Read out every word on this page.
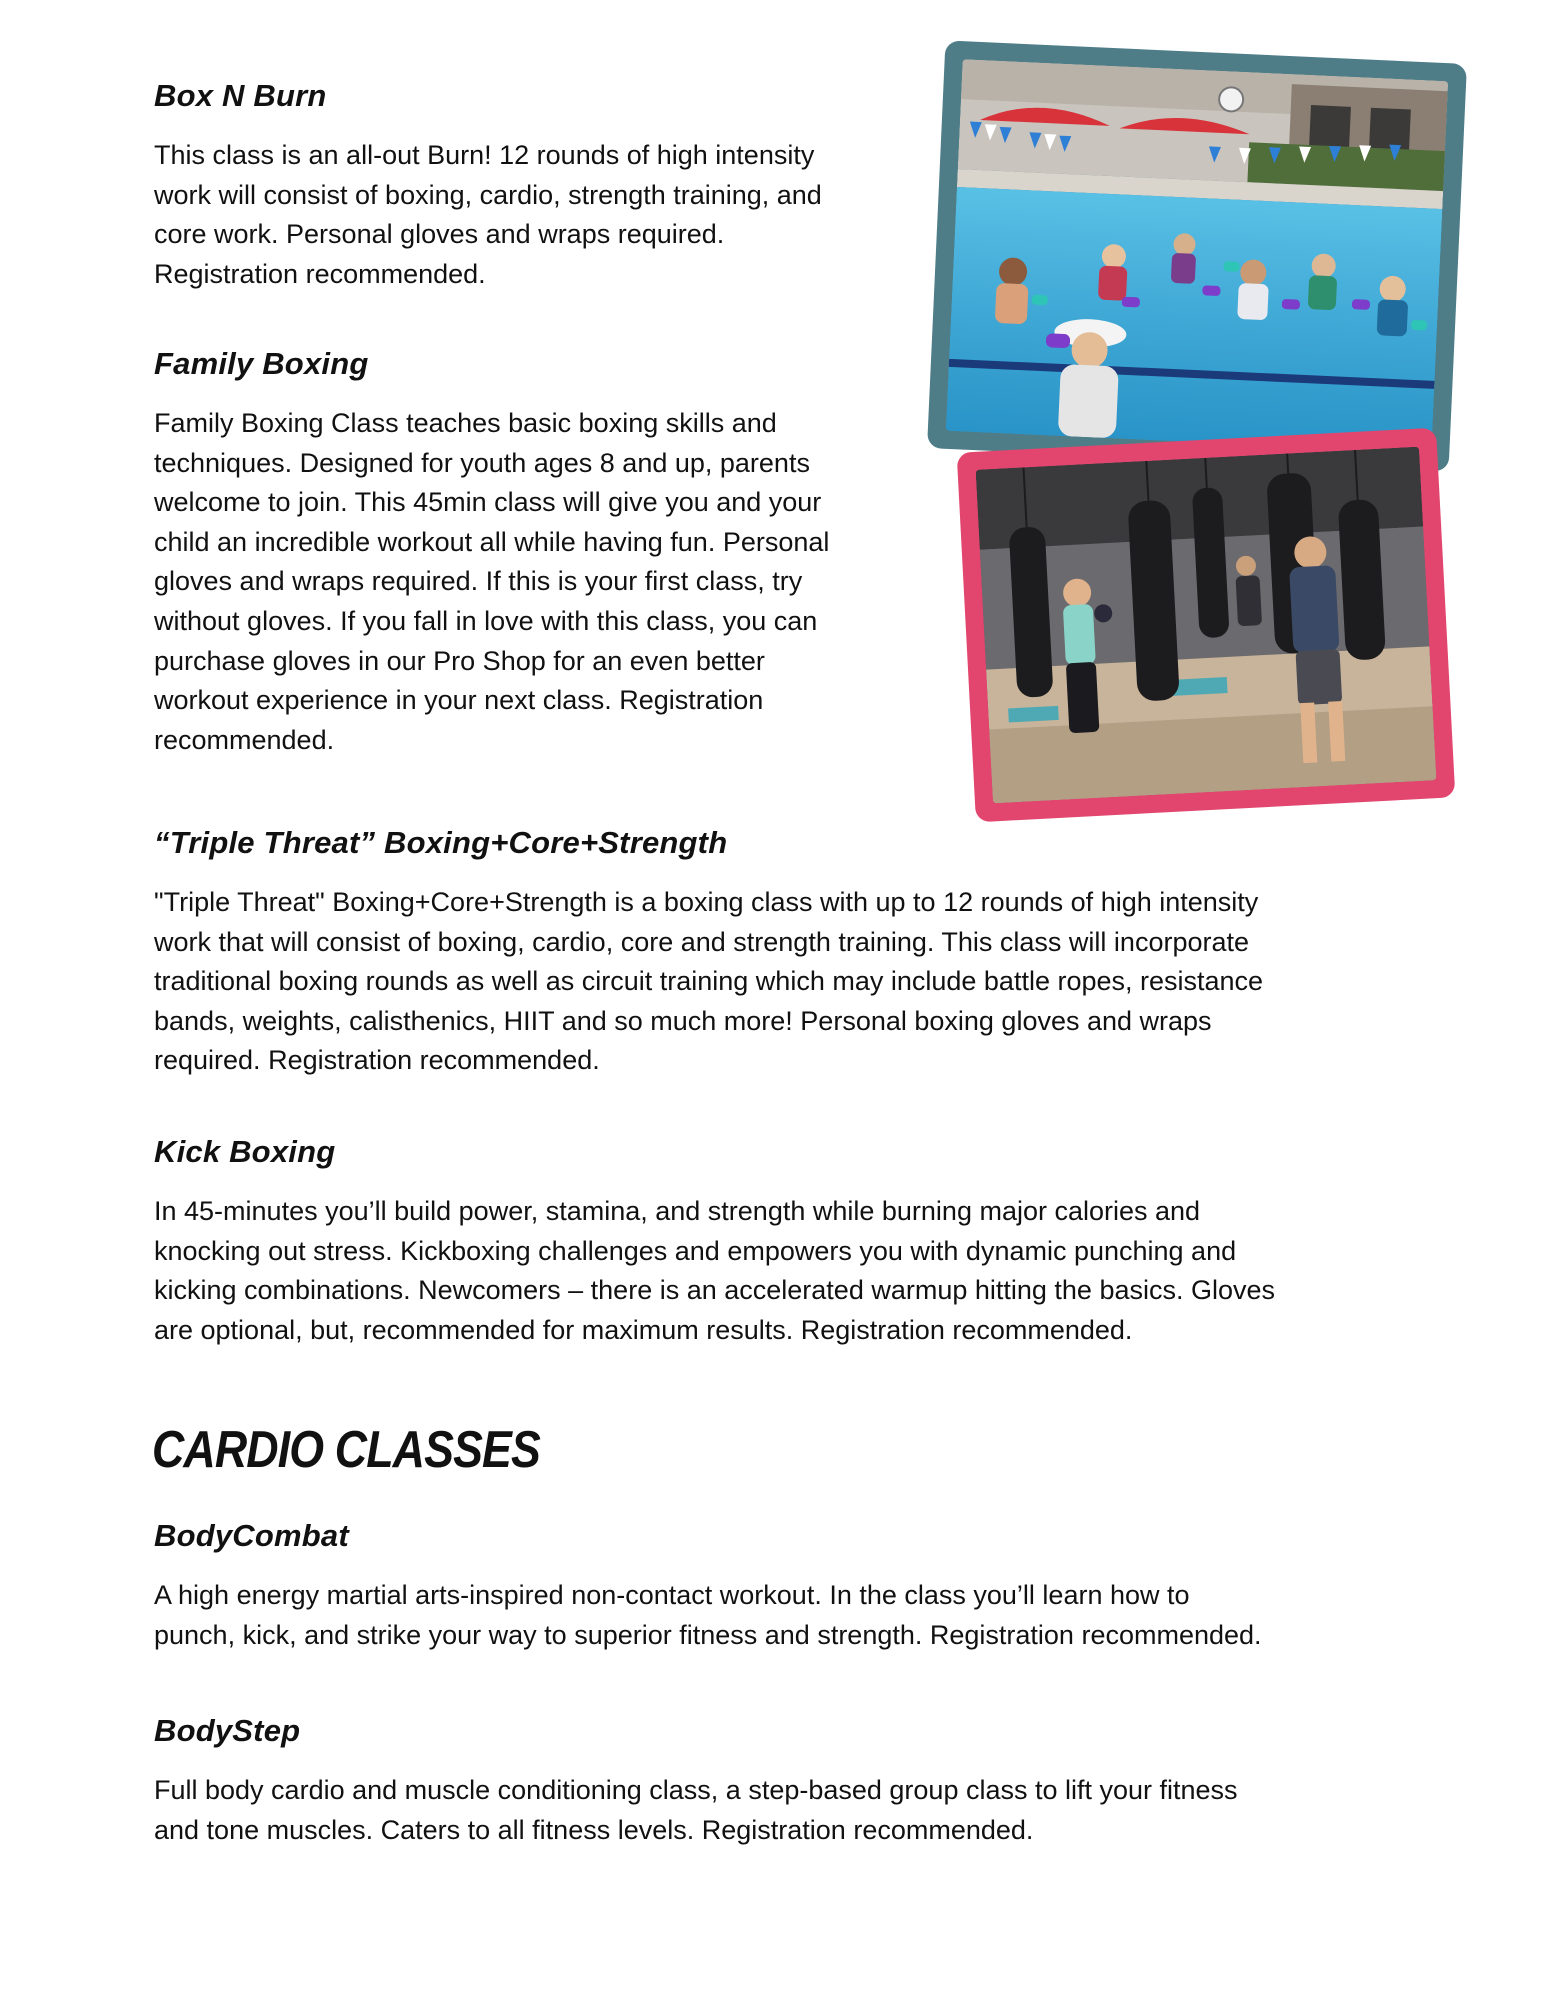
Box N Burn

This class is an all-out Burn! 12 rounds of high intensity
work will consist of boxing, cardio, strength training, and
core work. Personal gloves and wraps required.
Registration recommended.

Family Boxing

Family Boxing Class teaches basic boxing skills and
techniques. Designed for youth ages 8 and up, parents
welcome to join. This 45min class will give you and your
child an incredible workout all while having fun. Personal
gloves and wraps required. If this is your first class, try
without gloves. If you fall in love with this class, you can
purchase gloves in our Pro Shop for an even better
workout experience in your next class. Registration
recommended.

“Triple Threat” Boxing+Core+Strength

"Triple Threat" Boxing+Core+Strength is a boxing class with up to 12 rounds of high intensity
work that will consist of boxing, cardio, core and strength training. This class will incorporate
traditional boxing rounds as well as circuit training which may include battle ropes, resistance
bands, weights, calisthenics, HIIT and so much more! Personal boxing gloves and wraps
required. Registration recommended.

Kick Boxing

In 45-minutes you’ll build power, stamina, and strength while burning major calories and
knocking out stress. Kickboxing challenges and empowers you with dynamic punching and
kicking combinations. Newcomers – there is an accelerated warmup hitting the basics. Gloves
are optional, but, recommended for maximum results. Registration recommended.

CARDIO CLASSES
BodyCombat

A high energy martial arts-inspired non-contact workout. In the class you’ll learn how to
punch, kick, and strike your way to superior fitness and strength. Registration recommended.

BodyStep

Full body cardio and muscle conditioning class, a step-based group class to lift your fitness
and tone muscles. Caters to all fitness levels. Registration recommended.
